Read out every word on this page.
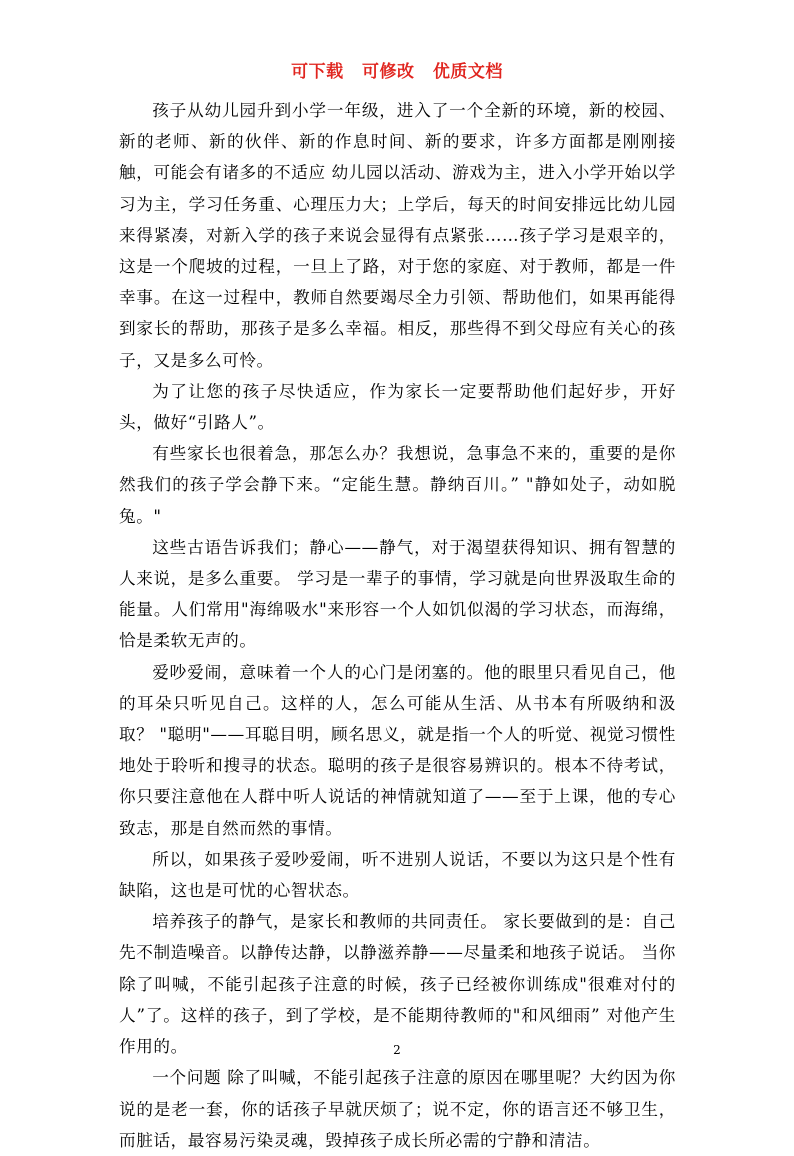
可下载 可修改 优质文档

孩子从幼儿园升到小学一年级，进入了一个全新的环境，新的校园、新的老师、新的伙伴、新的作息时间、新的要求，许多方面都是刚刚接触，可能会有诸多的不适应 幼儿园以活动、游戏为主，进入小学开始以学习为主，学习任务重、心理压力大；上学后，每天的时间安排远比幼儿园来得紧凑，对新入学的孩子来说会显得有点紧张……孩子学习是艰辛的，这是一个爬坡的过程，一旦上了路，对于您的家庭、对于教师，都是一件幸事。在这一过程中，教师自然要竭尽全力引领、帮助他们，如果再能得到家长的帮助，那孩子是多么幸福。相反，那些得不到父母应有关心的孩子，又是多么可怜。

为了让您的孩子尽快适应，作为家长一定要帮助他们起好步，开好头，做好“引路人”。

有些家长也很着急，那怎么办？我想说，急事急不来的，重要的是你然我们的孩子学会静下来。“定能生慧。静纳百川。” "静如处子，动如脱兔。"

这些古语告诉我们；静心——静气，对于渴望获得知识、拥有智慧的人来说，是多么重要。 学习是一辈子的事情，学习就是向世界汲取生命的能量。人们常用"海绵吸水"来形容一个人如饥似渴的学习状态，而海绵，恰是柔软无声的。

爱吵爱闹，意味着一个人的心门是闭塞的。他的眼里只看见自己，他的耳朵只听见自己。这样的人，怎么可能从生活、从书本有所吸纳和汲取？ "聪明"——耳聪目明，顾名思义，就是指一个人的听觉、视觉习惯性地处于聆听和搜寻的状态。聪明的孩子是很容易辨识的。根本不待考试，你只要注意他在人群中听人说话的神情就知道了——至于上课，他的专心致志，那是自然而然的事情。

所以，如果孩子爱吵爱闹，听不进别人说话，不要以为这只是个性有缺陷，这也是可忧的心智状态。

培养孩子的静气，是家长和教师的共同责任。 家长要做到的是：自己先不制造噪音。以静传达静，以静滋养静——尽量柔和地孩子说话。 当你除了叫喊，不能引起孩子注意的时候，孩子已经被你训练成"很难对付的人”了。这样的孩子，到了学校，是不能期待教师的"和风细雨” 对他产生作用的。

一个问题 除了叫喊，不能引起孩子注意的原因在哪里呢？大约因为你说的是老一套，你的话孩子早就厌烦了；说不定，你的语言还不够卫生，而脏话，最容易污染灵魂，毁掉孩子成长所必需的宁静和清洁。

2
